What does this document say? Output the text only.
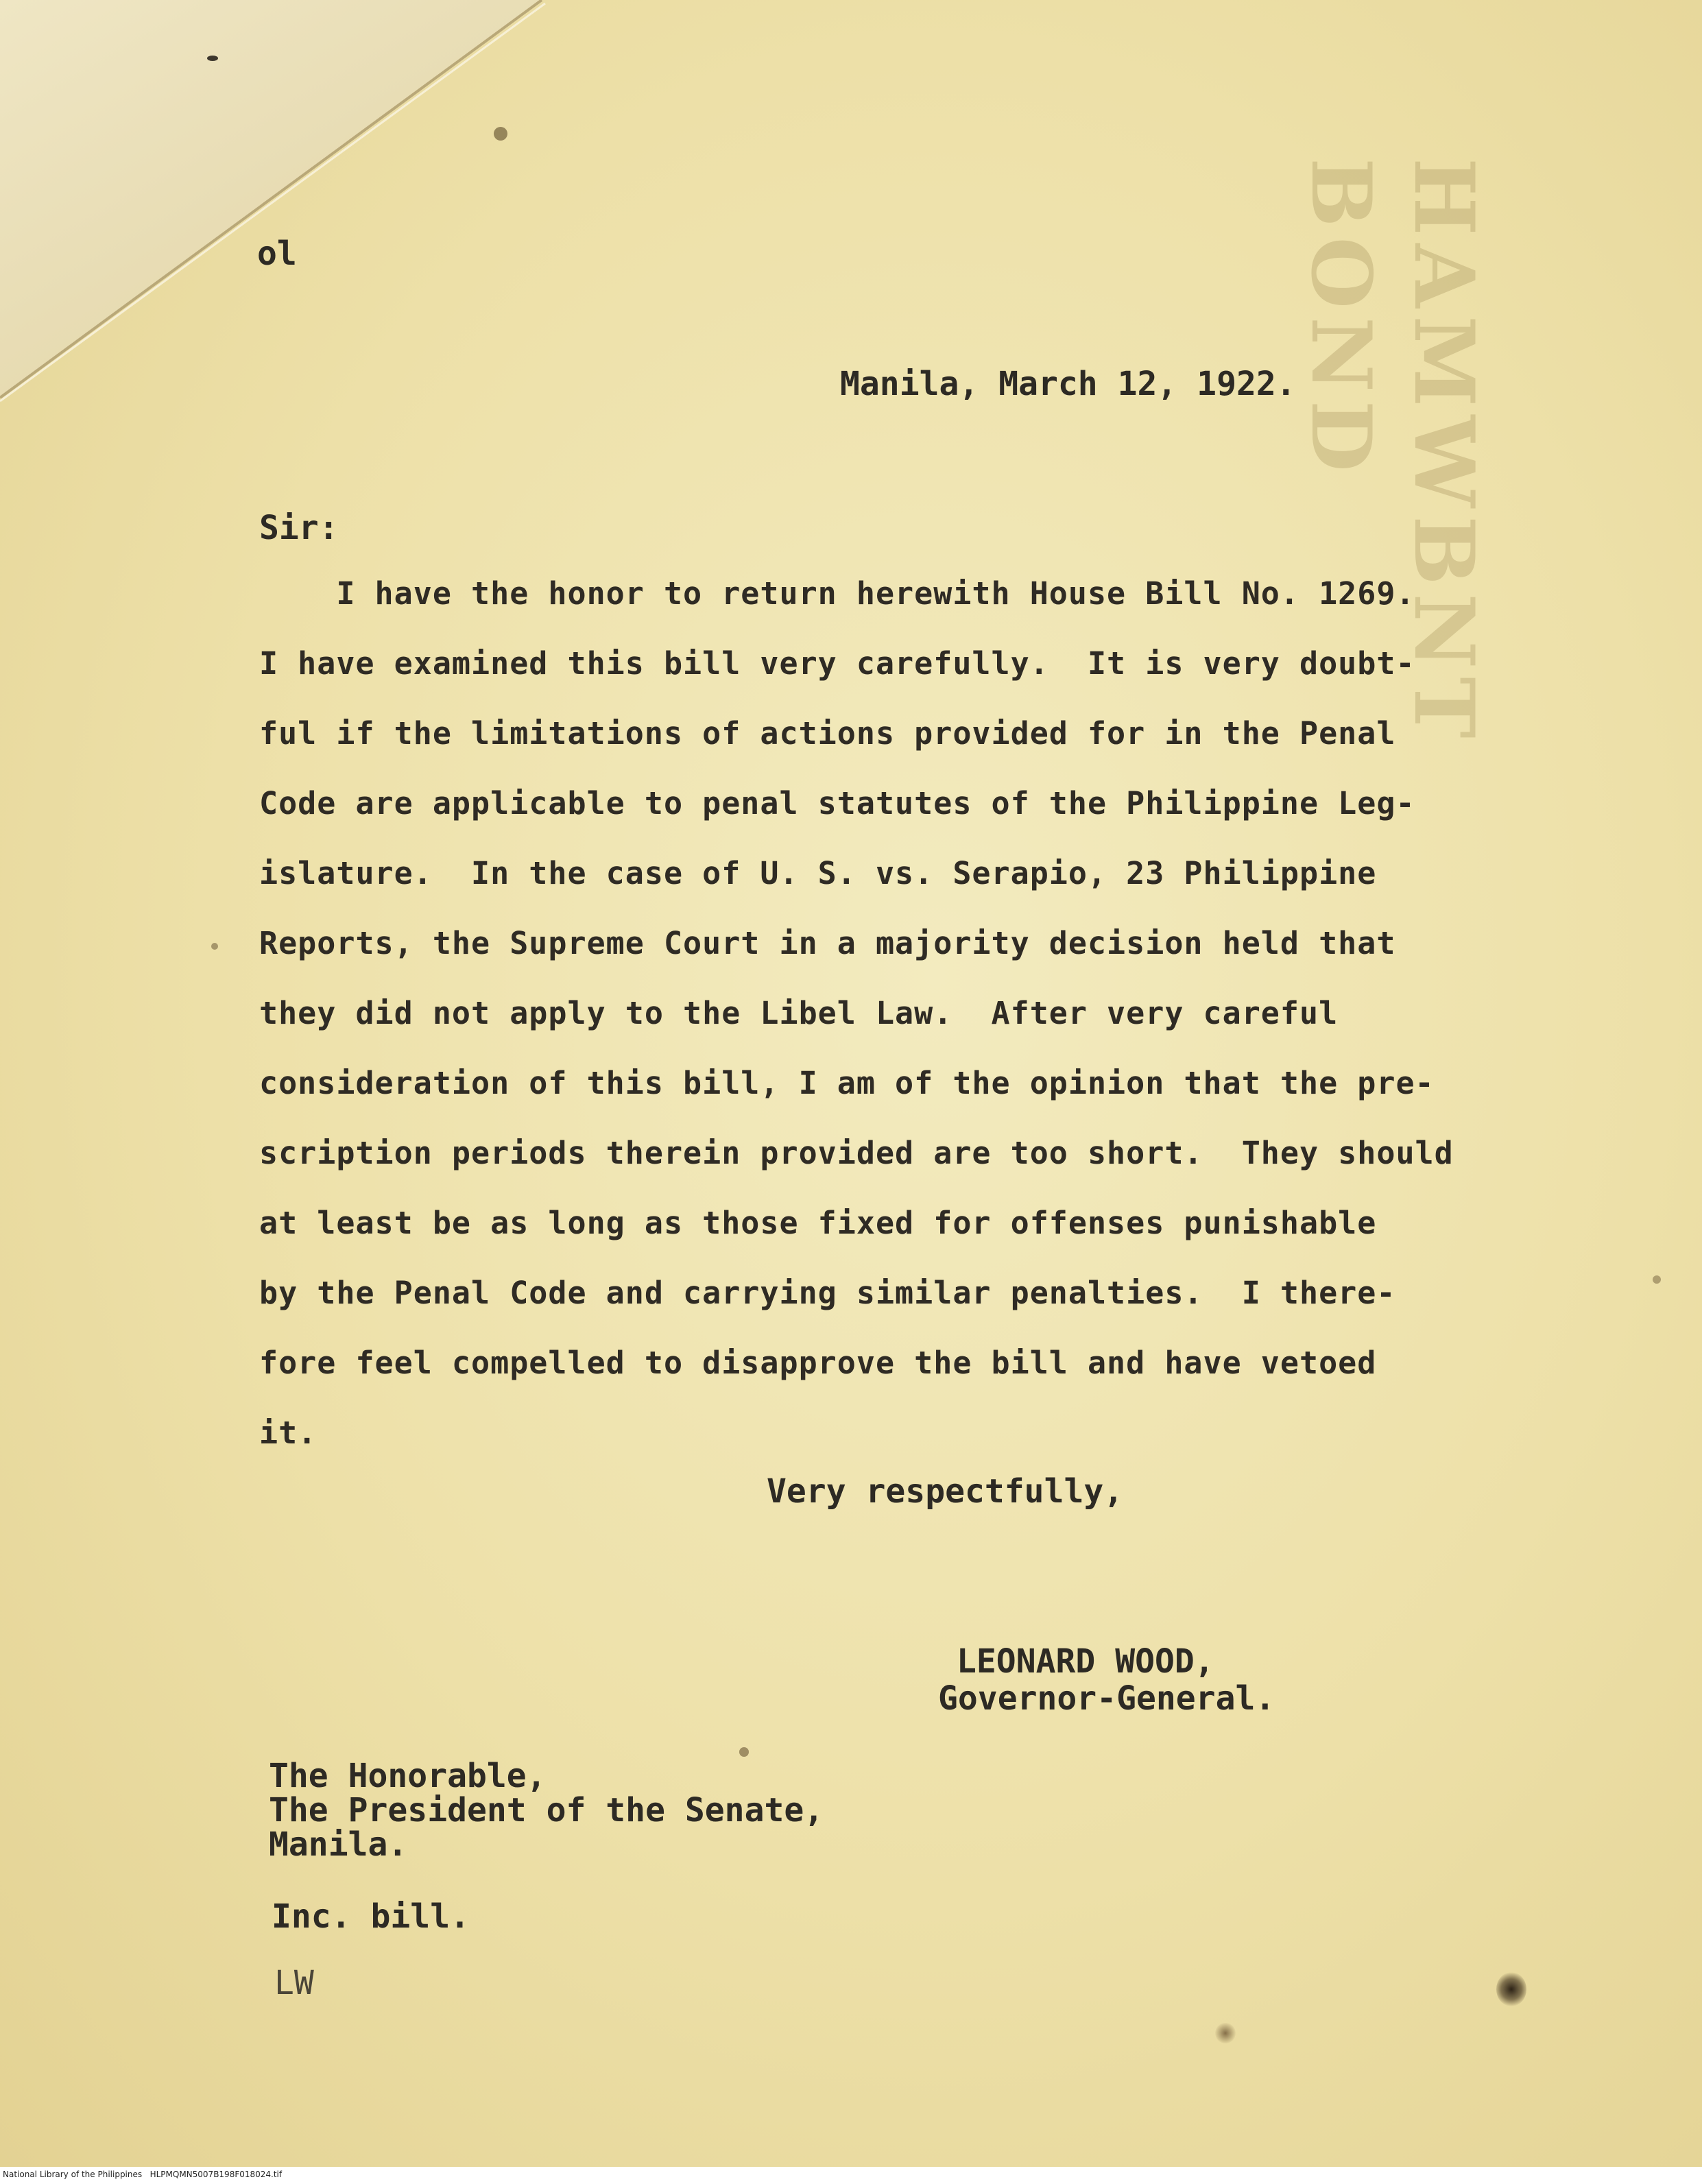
HAMWBNT BOND

ol

Manila, March 12, 1922.

Sir:

I have the honor to return herewith House Bill No. 1269.
I have examined this bill very carefully.  It is very doubt-
ful if the limitations of actions provided for in the Penal
Code are applicable to penal statutes of the Philippine Leg-
islature.  In the case of U. S. vs. Serapio, 23 Philippine
Reports, the Supreme Court in a majority decision held that
they did not apply to the Libel Law.  After very careful
consideration of this bill, I am of the opinion that the pre-
scription periods therein provided are too short.  They should
at least be as long as those fixed for offenses punishable
by the Penal Code and carrying similar penalties.  I there-
fore feel compelled to disapprove the bill and have vetoed
it.

Very respectfully,

LEONARD WOOD,

Governor-General.

The Honorable,

The President of the Senate,

Manila.

Inc. bill.

LW

National Library of the Philippines   HLPMQMN5007B198F018024.tif
